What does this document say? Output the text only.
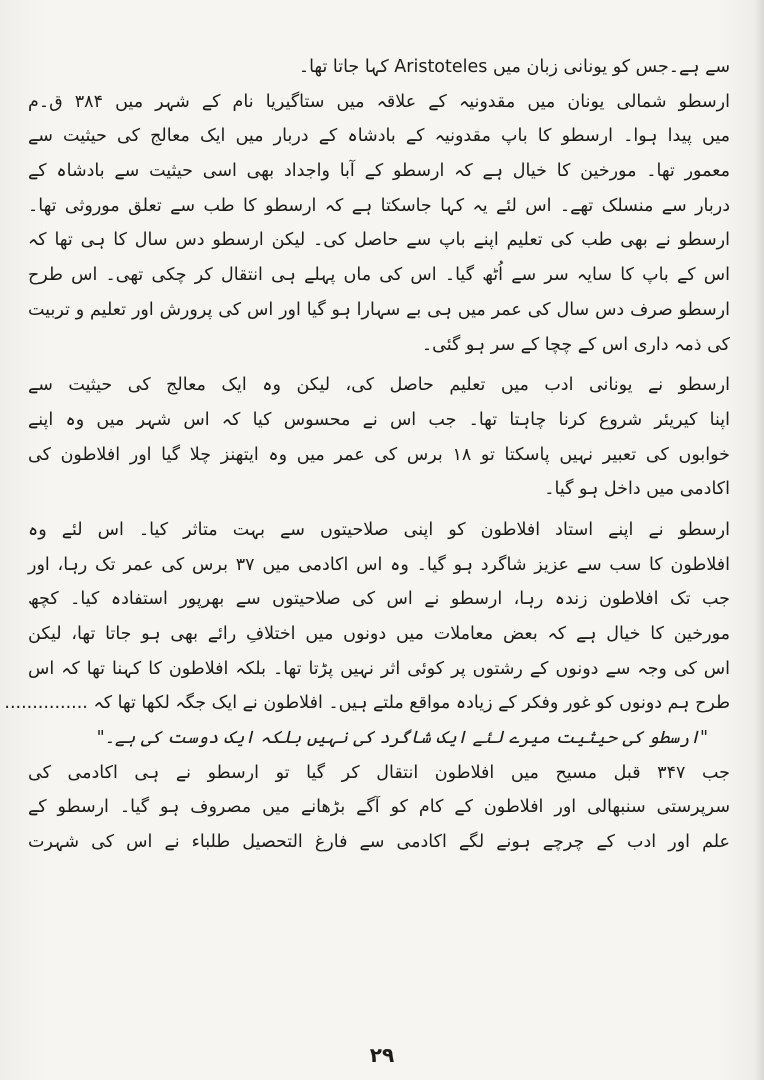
سے ہے۔جس کو یونانی زبان میں Aristoteles کہا جاتا تھا۔
ارسطو شمالی یونان میں مقدونیہ کے علاقہ میں ستاگیریا نام کے شہر میں ۳۸۴ ق۔م
میں پیدا ہوا۔ ارسطو کا باپ مقدونیہ کے بادشاہ کے دربار میں ایک معالج کی حیثیت سے
معمور تھا۔ مورخین کا خیال ہے کہ ارسطو کے آبا واجداد بھی اسی حیثیت سے بادشاہ کے
دربار سے منسلک تھے۔ اس لئے یہ کہا جاسکتا ہے کہ ارسطو کا طب سے تعلق موروثی تھا۔
ارسطو نے بھی طب کی تعلیم اپنے باپ سے حاصل کی۔ لیکن ارسطو دس سال کا ہی تھا کہ
اس کے باپ کا سایہ سر سے اُٹھ گیا۔ اس کی ماں پہلے ہی انتقال کر چکی تھی۔ اس طرح
ارسطو صرف دس سال کی عمر میں ہی بے سہارا ہو گیا اور اس کی پرورش اور تعلیم و تربیت
کی ذمہ داری اس کے چچا کے سر ہو گئی۔
ارسطو نے یونانی ادب میں تعلیم حاصل کی، لیکن وہ ایک معالج کی حیثیت سے
اپنا کیریئر شروع کرنا چاہتا تھا۔ جب اس نے محسوس کیا کہ اس شہر میں وہ اپنے
خوابوں کی تعبیر نہیں پاسکتا تو ۱۸ برس کی عمر میں وہ ایتھنز چلا گیا اور افلاطون کی
اکادمی میں داخل ہو گیا۔
ارسطو نے اپنے استاد افلاطون کو اپنی صلاحیتوں سے بہت متاثر کیا۔ اس لئے وہ
افلاطون کا سب سے عزیز شاگرد ہو گیا۔ وہ اس اکادمی میں ۳۷ برس کی عمر تک رہا، اور
جب تک افلاطون زندہ رہا، ارسطو نے اس کی صلاحیتوں سے بھرپور استفادہ کیا۔ کچھ
مورخین کا خیال ہے کہ بعض معاملات میں دونوں میں اختلافِ رائے بھی ہو جاتا تھا، لیکن
اس کی وجہ سے دونوں کے رشتوں پر کوئی اثر نہیں پڑتا تھا۔ بلکہ افلاطون کا کہنا تھا کہ اس
طرح ہم دونوں کو غور وفکر کے زیادہ مواقع ملتے ہیں۔ افلاطون نے ایک جگہ لکھا تھا کہ ...............
"ارسطو کی حیثیت میرے لئے ایک شاگرد کی نہیں بلکہ ایک دوست کی ہے۔"
جب ۳۴۷ قبل مسیح میں افلاطون انتقال کر گیا تو ارسطو نے ہی اکادمی کی
سرپرستی سنبھالی اور افلاطون کے کام کو آگے بڑھانے میں مصروف ہو گیا۔ ارسطو کے
علم اور ادب کے چرچے ہونے لگے اکادمی سے فارغ التحصیل طلباء نے اس کی شہرت
۲۹
